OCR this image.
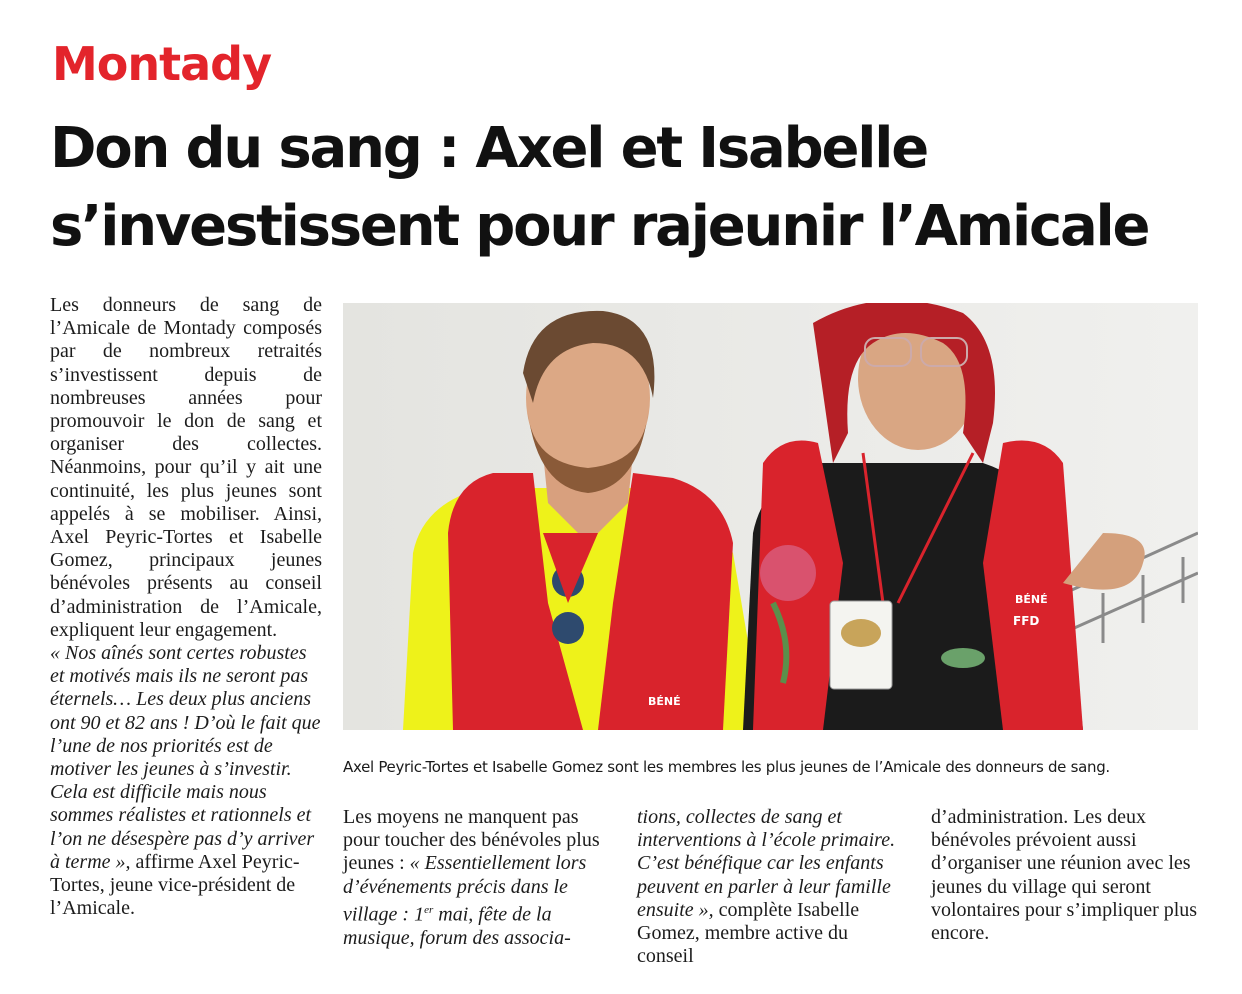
Montady
Don du sang : Axel et Isabelle
s’investissent pour rajeunir l’Amicale

Les donneurs de sang de l’Amicale de Montady composés par de nombreux retraités s’investissent depuis de nombreuses années pour promouvoir le don de sang et organiser des collectes. Néanmoins, pour qu’il y ait une continuité, les plus jeunes sont appelés à se mobiliser. Ainsi, Axel Peyric-Tortes et Isabelle Gomez, principaux jeunes bénévoles présents au conseil d’administration de l’Amicale, expliquent leur engagement.

« Nos aînés sont certes robustes et motivés mais ils ne seront pas éternels… Les deux plus anciens ont 90 et 82 ans ! D’où le fait que l’une de nos priorités est de motiver les jeunes à s’investir. Cela est difficile mais nous sommes réalistes et rationnels et l’on ne désespère pas d’y arriver à terme », affirme Axel Peyric-Tortes, jeune vice-président de l’Amicale.

BÉNÉ
BÉNÉ
FFD
Axel Peyric-Tortes et Isabelle Gomez sont les membres les plus jeunes de l’Amicale des donneurs de sang.

Les moyens ne manquent pas pour toucher des bénévoles plus jeunes : « Essentiellement lors d’événements précis dans le village : 1er mai, fête de la musique, forum des associa-

tions, collectes de sang et interventions à l’école primaire. C’est bénéfique car les enfants peuvent en parler à leur famille ensuite », complète Isabelle Gomez, membre active du conseil

d’administration. Les deux bénévoles prévoient aussi d’organiser une réunion avec les jeunes du village qui seront volontaires pour s’impliquer plus encore.
